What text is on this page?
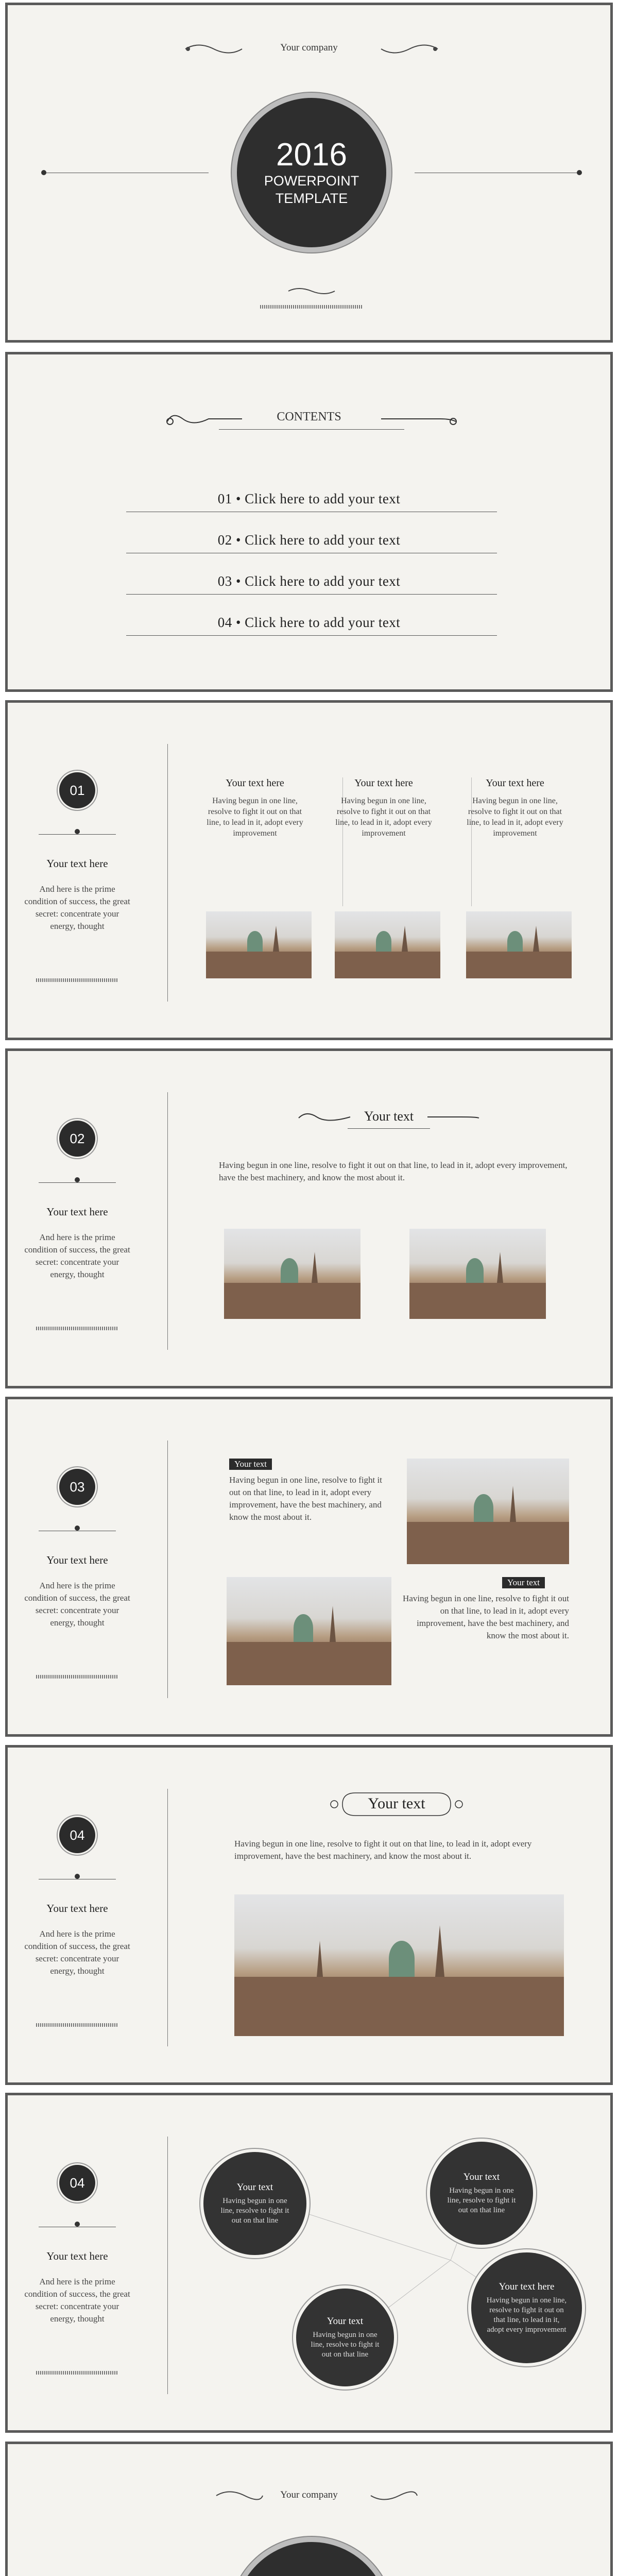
Your company
2016
POWERPOINT
TEMPLATE
CONTENTS
01 • Click here to add your text
02 • Click here to add your text
03 • Click here to add your text
04 • Click here to add your text
01
Your text here
And here is the prime condition of success, the great secret: concentrate your energy, thought
Your text here
Having begun in one line, resolve to fight it out on that line, to lead in it, adopt every improvement
Your text here
Having begun in one line, resolve to fight it out on that line, to lead in it, adopt every improvement
Your text here
Having begun in one line, resolve to fight it out on that line, to lead in it, adopt every improvement
02
Your text here
And here is the prime condition of success, the great secret: concentrate your energy, thought
Your text
Having begun in one line, resolve to fight it out on that line, to lead in it, adopt every improvement, have the best machinery, and know the most about it.
03
Your text here
And here is the prime condition of success, the great secret: concentrate your energy, thought
Your text
Having begun in one line, resolve to fight it out on that line, to lead in it, adopt every improvement, have the best machinery, and know the most about it.
Your text
Having begun in one line, resolve to fight it out on that line, to lead in it, adopt every improvement, have the best machinery, and know the most about it.
04
Your text here
And here is the prime condition of success, the great secret: concentrate your energy, thought
Your text
Having begun in one line, resolve to fight it out on that line, to lead in it, adopt every improvement, have the best machinery, and know the most about it.
04
Your text here
And here is the prime condition of success, the great secret: concentrate your energy, thought
Your text
Having begun in one line, resolve to fight it out on that line
Your text
Having begun in one line, resolve to fight it out on that line
Your text
Having begun in one line, resolve to fight it out on that line
Your text here
Having begun in one line, resolve to fight it out on that line, to lead in it, adopt every improvement
Your company
